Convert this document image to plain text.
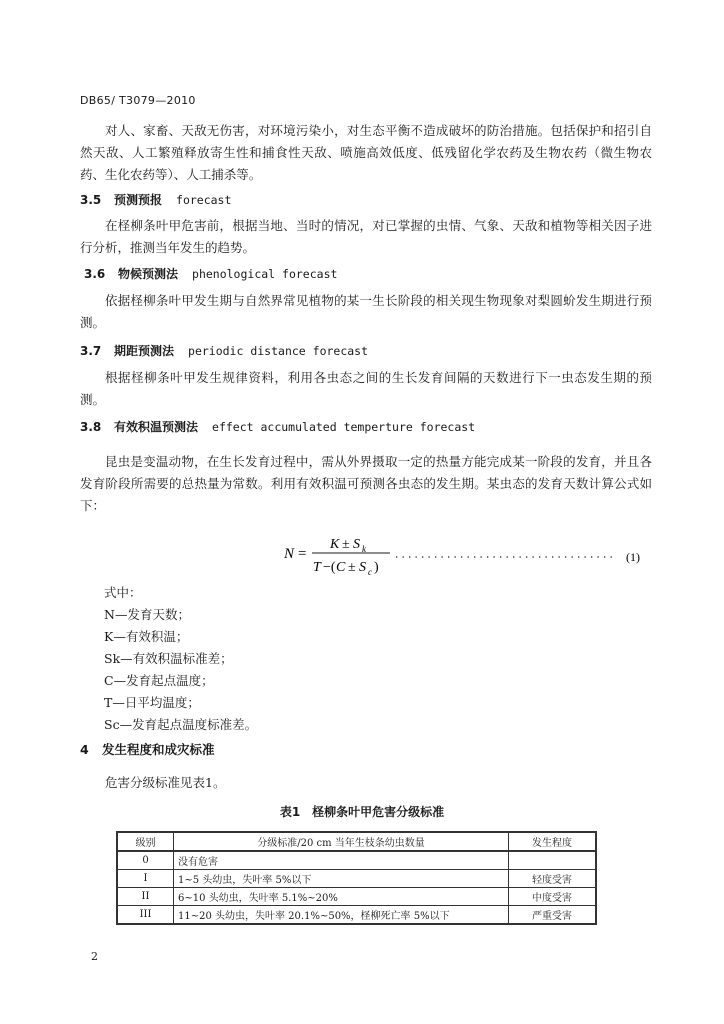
DB65/ T3079—2010

对人、家畜、天敌无伤害，对环境污染小，对生态平衡不造成破坏的防治措施。包括保护和招引自然天敌、人工繁殖释放寄生性和捕食性天敌、喷施高效低度、低残留化学农药及生物农药（微生物农药、生化农药等）、人工捕杀等。

3.5 预测预报 forecast

在柽柳条叶甲危害前，根据当地、当时的情况，对已掌握的虫情、气象、天敌和植物等相关因子进行分析，推测当年发生的趋势。

3.6 物候预测法 phenological forecast

依据柽柳条叶甲发生期与自然界常见植物的某一生长阶段的相关现生物现象对梨圆蚧发生期进行预测。

3.7 期距预测法 periodic distance forecast

根据柽柳条叶甲发生规律资料，利用各虫态之间的生长发育间隔的天数进行下一虫态发生期的预测。

3.8 有效积温预测法 effect accumulated temperture forecast

昆虫是变温动物，在生长发育过程中，需从外界摄取一定的热量方能完成某一阶段的发育，并且各发育阶段所需要的总热量为常数。利用有效积温可预测各虫态的发生期。某虫态的发育天数计算公式如下：

N =
K ± S k
T −( C ± S c )
(1)
式中：
N—发育天数；
K—有效积温；
Sk—有效积温标准差；
C—发育起点温度；
T—日平均温度；
Sc—发育起点温度标准差。
4 发生程度和成灾标准

危害分级标准见表1。

表1　柽柳条叶甲危害分级标准
级别	分级标准/20 cm 当年生枝条幼虫数量	发生程度
0	没有危害	
I	1~5 头幼虫，失叶率 5%以下	轻度受害
II	6~10 头幼虫，失叶率 5.1%~20%	中度受害
III	11~20 头幼虫，失叶率 20.1%~50%，柽柳死亡率 5%以下	严重受害
2
